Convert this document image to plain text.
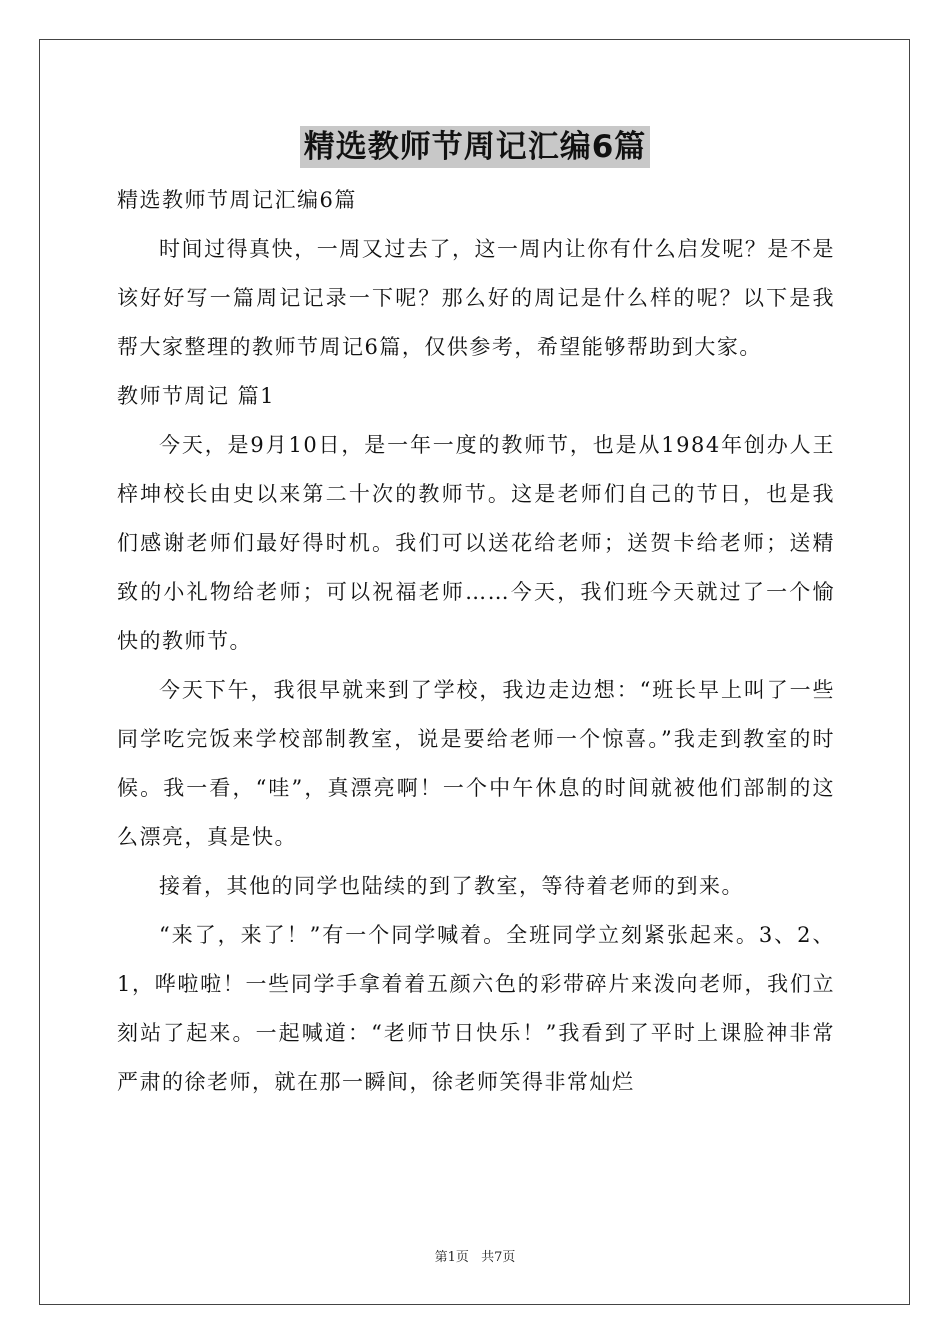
精选教师节周记汇编6篇

精选教师节周记汇编6篇

时间过得真快，一周又过去了，这一周内让你有什么启发呢？是不是该好好写一篇周记记录一下呢？那么好的周记是什么样的呢？以下是我帮大家整理的教师节周记6篇，仅供参考，希望能够帮助到大家。

教师节周记 篇1

今天，是9月10日，是一年一度的教师节，也是从1984年创办人王梓坤校长由史以来第二十次的教师节。这是老师们自己的节日，也是我们感谢老师们最好得时机。我们可以送花给老师；送贺卡给老师；送精致的小礼物给老师；可以祝福老师……今天，我们班今天就过了一个愉快的教师节。

今天下午，我很早就来到了学校，我边走边想：“班长早上叫了一些同学吃完饭来学校部制教室，说是要给老师一个惊喜。”我走到教室的时候。我一看，“哇”，真漂亮啊！一个中午休息的时间就被他们部制的这么漂亮，真是快。

接着，其他的同学也陆续的到了教室，等待着老师的到来。

“来了，来了！”有一个同学喊着。全班同学立刻紧张起来。3、2、1，哗啦啦！一些同学手拿着着五颜六色的彩带碎片来泼向老师，我们立刻站了起来。一起喊道：“老师节日快乐！”我看到了平时上课脸神非常严肃的徐老师，就在那一瞬间，徐老师笑得非常灿烂

第1页 共7页
